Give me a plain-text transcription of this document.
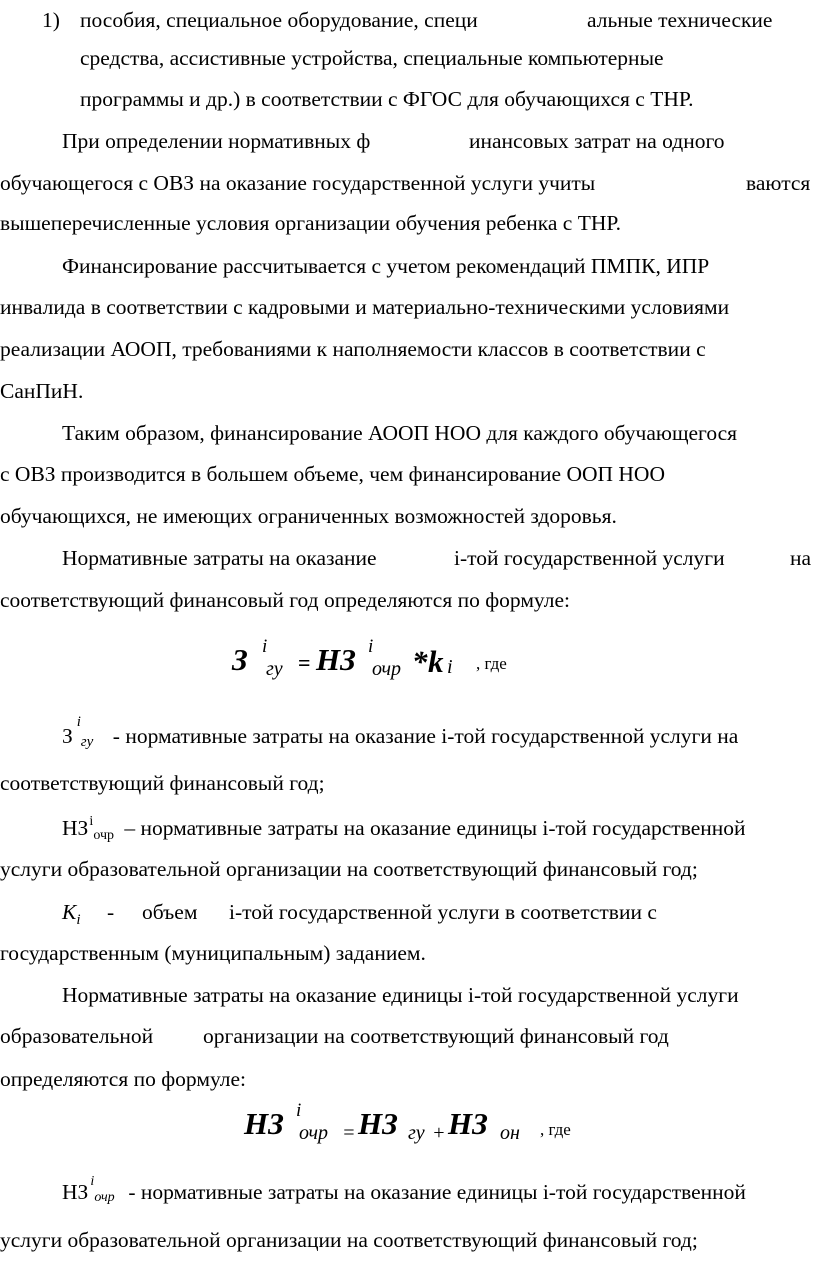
1) пособия, специальное оборудование, специ	альные технические
средства, ассистивные устройства, специальные компьютерные
программы и др.) в соответствии с ФГОС для обучающихся с ТНР.
При определении нормативных ф	инансовых затрат на одного
обучающегося с ОВЗ на оказание государственной услуги учиты	ваются
вышеперечисленные условия организации обучения ребенка с ТНР.
Финансирование рассчитывается с учетом рекомендаций ПМПК, ИПР
инвалида в соответствии с кадровыми и материально-техническими условиями
реализации АООП, требованиями к наполняемости классов в соответствии с
СанПиН.
Таким образом, финансирование АООП НОО для каждого обучающегося
с ОВЗ производится в большем объеме, чем финансирование ООП НОО
обучающихся, не имеющих ограниченных возможностей здоровья.
Нормативные затраты на оказание	i-той государственной услуги	на
соответствующий финансовый год определяются по формуле:
З i
гу = НЗ i
очр * k i , где
З
i
гу - нормативные затраты на оказание i-той государственной услуги на
соответствующий финансовый год;
НЗ i
очр – нормативные затраты на оказание единицы i-той государственной
услуги образовательной организации на соответствующий финансовый год;
$K_i$ - объем i-той государственной услуги в соответствии с
государственным (муниципальным) заданием.
Нормативные затраты на оказание единицы i-той государственной услуги
образовательной организации на соответствующий финансовый год
определяются по формуле:
НЗ i
очр = НЗ гу + НЗ он , где
НЗ i
очр - нормативные затраты на оказание единицы i-той государственной
услуги образовательной организации на соответствующий финансовый год;
